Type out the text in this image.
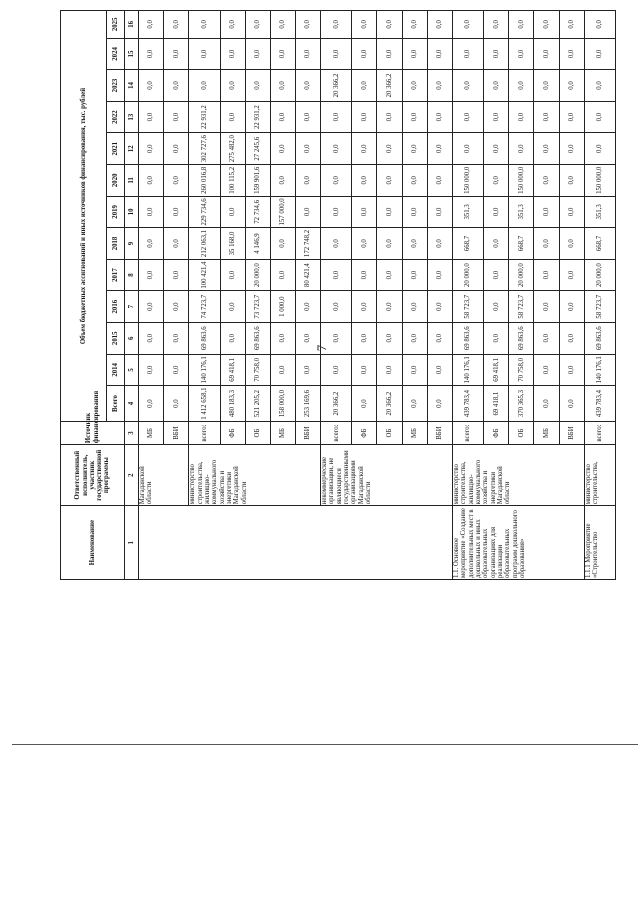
7
Наименование	Ответственный исполнитель, участник государственной программы	Источник финансирования	Объем бюджетных ассигнований и иных источников финансирования, тыс. рублей												
			Всего	2014	2015	2016	2017	2018	2019	2020	2021	2022	2023	2024	2025
1	2	3	4	5	6	7	8	9	10	11	12	13	14	15	16
	Магаданской области	МБ	0,0	0,0	0,0	0,0	0,0	0,0	0,0	0,0	0,0	0,0	0,0	0,0	0,0
		ВБИ	0,0	0,0	0,0	0,0	0,0	0,0	0,0	0,0	0,0	0,0	0,0	0,0	0,0
	министерство строительства, жилищно-коммунального хозяйства и энергетики Магаданской области	всего:	1 412 658,1	140 176,1	69 863,6	74 723,7	100 421,4	212 063,1	229 734,6	260 016,8	302 727,6	22 931,2	0,0	0,0	0,0
		ФБ	480 183,3	69 418,1	0,0	0,0	0,0	35 168,0	0,0	100 115,2	275 482,0	0,0	0,0	0,0	0,0
		ОБ	521 205,2	70 758,0	69 863,6	73 723,7	20 000,0	4 146,9	72 734,6	159 901,6	27 245,6	22 931,2	0,0	0,0	0,0
		МБ	158 000,0	0,0	0,0	1 000,0	0,0	0,0	157 000,0	0,0	0,0	0,0	0,0	0,0	0,0
		ВБИ	253 169,6	0,0	0,0	0,0	80 421,4	172 748,2	0,0	0,0	0,0	0,0	0,0	0,0	0,0
	некоммерческие организации, не являющиеся государственными организациями Магаданской области	всего:	20 366,2	0,0	0,0	0,0	0,0	0,0	0,0	0,0	0,0	0,0	20 366,2	0,0	0,0
		ФБ	0,0	0,0	0,0	0,0	0,0	0,0	0,0	0,0	0,0	0,0	0,0	0,0	0,0
		ОБ	20 366,2	0,0	0,0	0,0	0,0	0,0	0,0	0,0	0,0	0,0	20 366,2	0,0	0,0
		МБ	0,0	0,0	0,0	0,0	0,0	0,0	0,0	0,0	0,0	0,0	0,0	0,0	0,0
		ВБИ	0,0	0,0	0,0	0,0	0,0	0,0	0,0	0,0	0,0	0,0	0,0	0,0	0,0
1.1. Основное мероприятие «Создание дополнительных мест в дошкольных и иных образовательных организациях для реализации образовательных программ дошкольного образования»	министерство строительства, жилищно-коммунального хозяйства и энергетики Магаданской области	всего:	439 783,4	140 176,1	69 863,6	58 723,7	20 000,0	668,7	351,3	150 000,0	0,0	0,0	0,0	0,0	0,0
		ФБ	69 418,1	69 418,1	0,0	0,0	0,0	0,0	0,0	0,0	0,0	0,0	0,0	0,0	0,0
		ОБ	370 365,3	70 758,0	69 863,6	58 723,7	20 000,0	668,7	351,3	150 000,0	0,0	0,0	0,0	0,0	0,0
		МБ	0,0	0,0	0,0	0,0	0,0	0,0	0,0	0,0	0,0	0,0	0,0	0,0	0,0
		ВБИ	0,0	0,0	0,0	0,0	0,0	0,0	0,0	0,0	0,0	0,0	0,0	0,0	0,0
1.1.1 Мероприятие «Строительство	министерство строительства,	всего:	439 783,4	140 176,1	69 863,6	58 723,7	20 000,0	668,7	351,3	150 000,0	0,0	0,0	0,0	0,0	0,0
